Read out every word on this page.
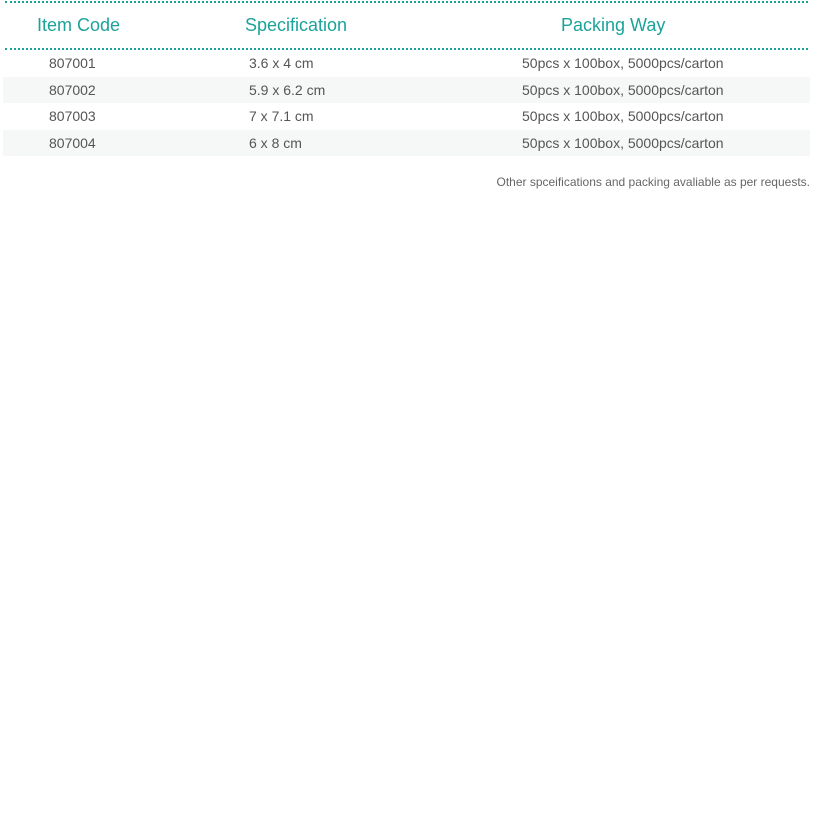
Item Code	Specification	Packing Way
807001	3.6 x 4 cm	50pcs x 100box, 5000pcs/carton
807002	5.9 x 6.2 cm	50pcs x 100box, 5000pcs/carton
807003	7 x 7.1 cm	50pcs x 100box, 5000pcs/carton
807004	6 x 8 cm	50pcs x 100box, 5000pcs/carton
Other spceifications and packing avaliable as per requests.
